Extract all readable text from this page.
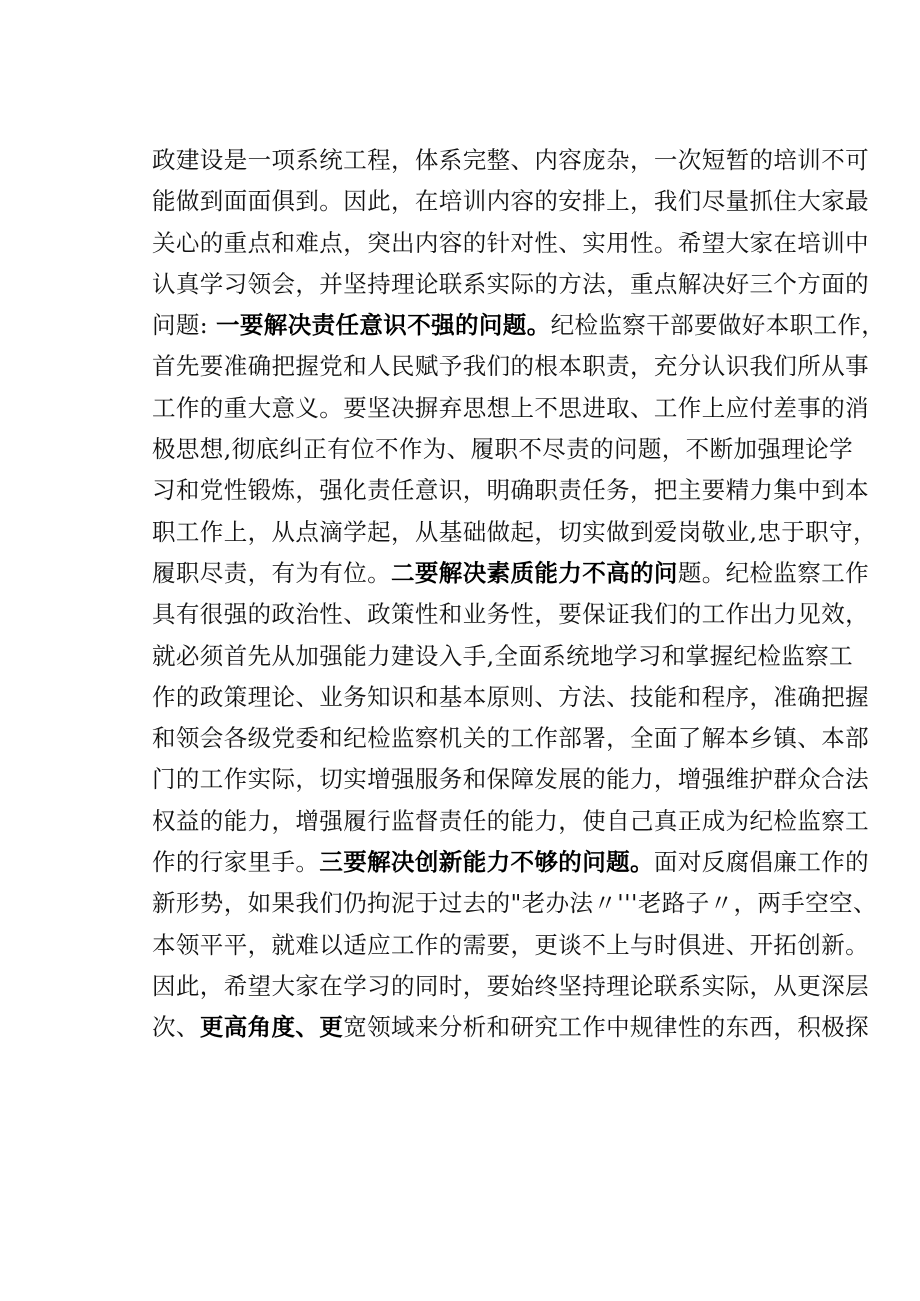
政建设是一项系统工程，体系完整、内容庞杂，一次短暂的培训不可
能做到面面俱到。因此，在培训内容的安排上，我们尽量抓住大家最
关心的重点和难点，突出内容的针对性、实用性。希望大家在培训中
认真学习领会，并坚持理论联系实际的方法，重点解决好三个方面的
问题: 一要解决责任意识不强的问题。纪检监察干部要做好本职工作，
首先要准确把握党和人民赋予我们的根本职责，充分认识我们所从事
工作的重大意义。要坚决摒弃思想上不思进取、工作上应付差事的消
极思想,彻底纠正有位不作为、履职不尽责的问题，不断加强理论学
习和党性锻炼，强化责任意识，明确职责任务，把主要精力集中到本
职工作上，从点滴学起，从基础做起，切实做到爱岗敬业,忠于职守，
履职尽责，有为有位。二要解决素质能力不高的问题。纪检监察工作
具有很强的政治性、政策性和业务性，要保证我们的工作出力见效，
就必须首先从加强能力建设入手,全面系统地学习和掌握纪检监察工
作的政策理论、业务知识和基本原则、方法、技能和程序，准确把握
和领会各级党委和纪检监察机关的工作部署，全面了解本乡镇、本部
门的工作实际，切实增强服务和保障发展的能力，增强维护群众合法
权益的能力，增强履行监督责任的能力，使自己真正成为纪检监察工
作的行家里手。三要解决创新能力不够的问题。面对反腐倡廉工作的
新形势，如果我们仍拘泥于过去的"老办法〃'''老路子〃，两手空空、
本领平平，就难以适应工作的需要，更谈不上与时俱进、开拓创新。
因此，希望大家在学习的同时，要始终坚持理论联系实际，从更深层
次、更高角度、更宽领域来分析和研究工作中规律性的东西，积极探
